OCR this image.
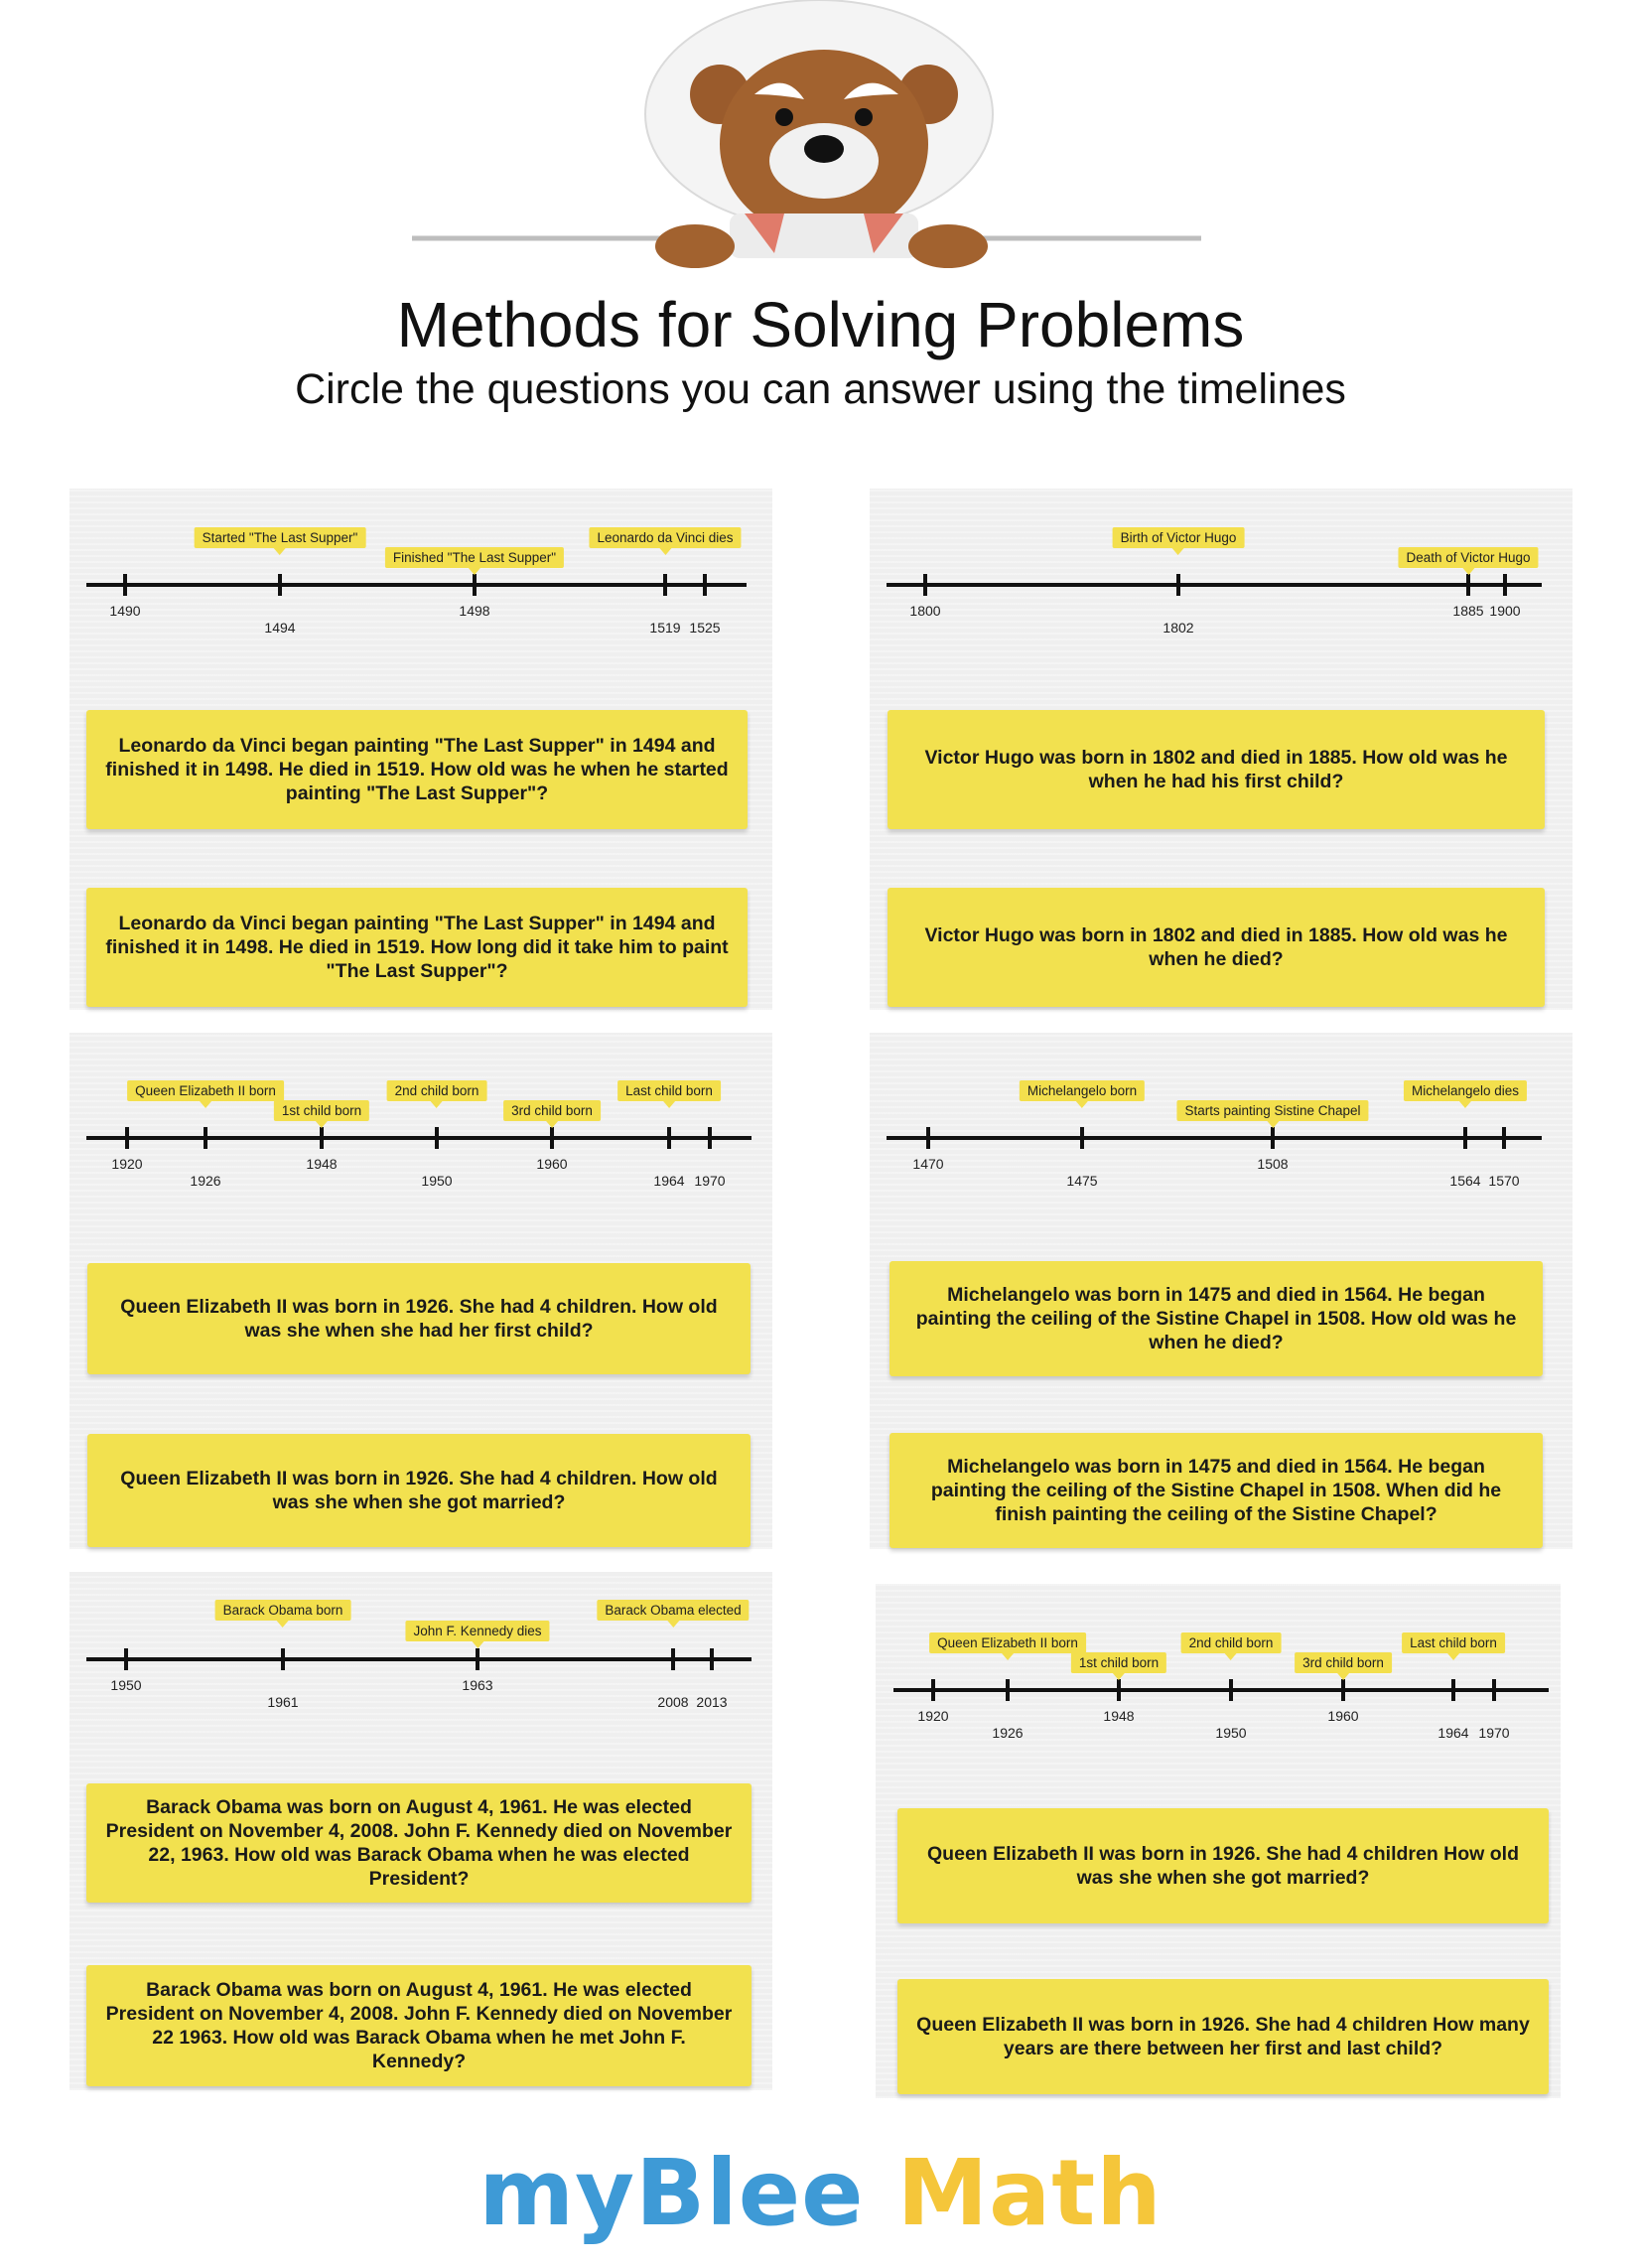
Methods for Solving Problems
Circle the questions you can answer using the timelines
1490
1494
1498
1519 1525
Started "The Last Supper"
Finished "The Last Supper"
Leonardo da Vinci dies
Leonardo da Vinci began painting "The Last Supper" in 1494 and finished it in 1498. He died in 1519. How old was he when he started painting "The Last Supper"?
Leonardo da Vinci began painting "The Last Supper" in 1494 and finished it in 1498. He died in 1519. How long did it take him to paint "The Last Supper"?
1800
1802
1885 1900
Birth of Victor Hugo
Death of Victor Hugo
Victor Hugo was born in 1802 and died in 1885. How old was he when he had his first child?
Victor Hugo was born in 1802 and died in 1885. How old was he when he died?
1920
1926
1948
1950
1960
1964 1970
Queen Elizabeth II born
1st child born
2nd child born
3rd child born
Last child born
Queen Elizabeth II was born in 1926. She had 4 children. How old was she when she had her first child?
Queen Elizabeth II was born in 1926. She had 4 children. How old was she when she got married?
1470
1475
1508
1564 1570
Michelangelo born
Starts painting Sistine Chapel
Michelangelo dies
Michelangelo was born in 1475 and died in 1564. He began painting the ceiling of the Sistine Chapel in 1508. How old was he when he died?
Michelangelo was born in 1475 and died in 1564. He began painting the ceiling of the Sistine Chapel in 1508. When did he finish painting the ceiling of the Sistine Chapel?
1950
1961
1963
2008 2013
Barack Obama born
John F. Kennedy dies
Barack Obama elected
Barack Obama was born on August 4, 1961. He was elected President on November 4, 2008. John F. Kennedy died on November 22, 1963. How old was Barack Obama when he was elected President?
Barack Obama was born on August 4, 1961. He was elected President on November 4, 2008. John F. Kennedy died on November 22 1963. How old was Barack Obama when he met John F. Kennedy?
1920
1926
1948
1950
1960
1964 1970
Queen Elizabeth II born
1st child born
2nd child born
3rd child born
Last child born
Queen Elizabeth II was born in 1926. She had 4 children How old was she when she got married?
Queen Elizabeth II was born in 1926. She had 4 children How many years are there between her first and last child?
myBlee Math
